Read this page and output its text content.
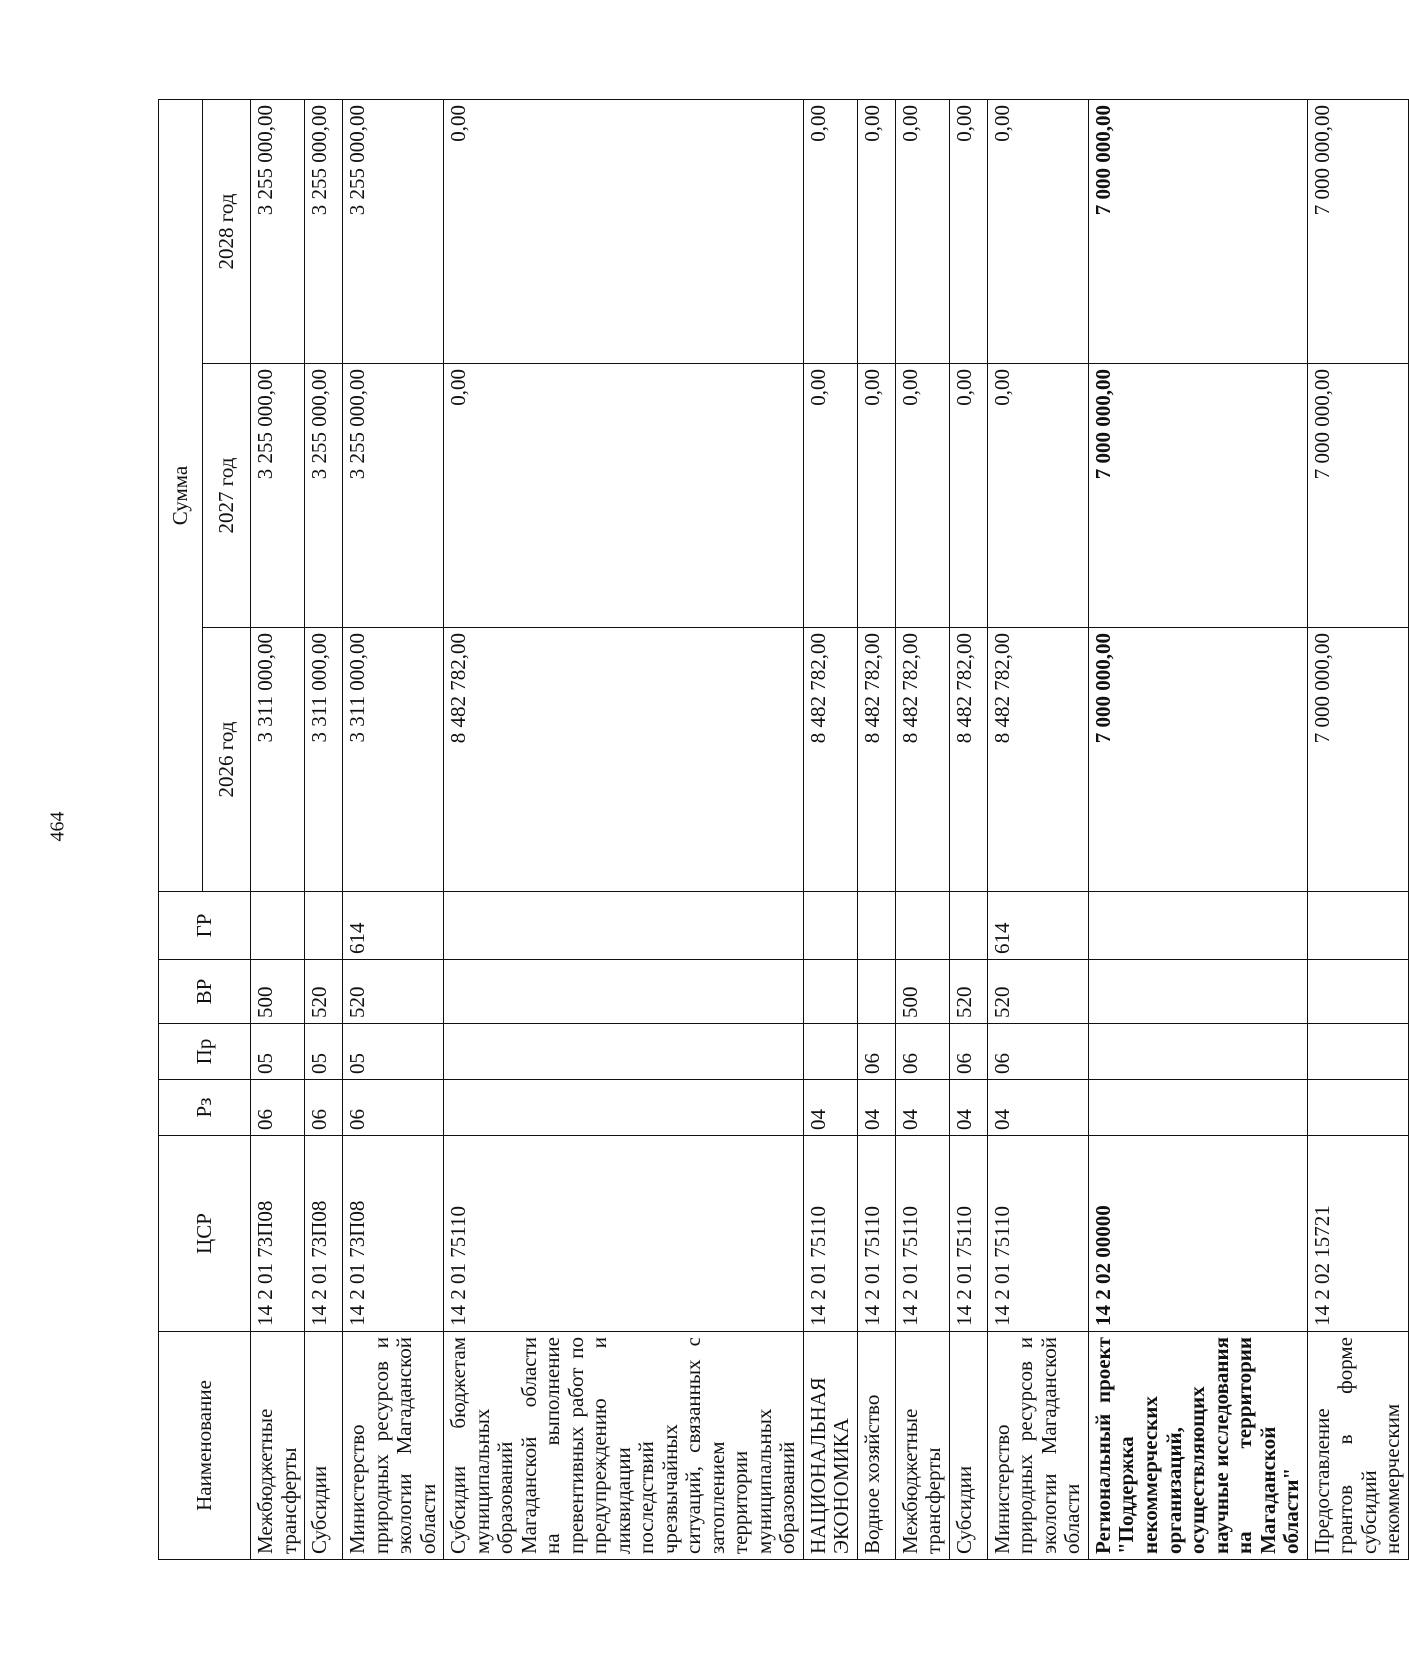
464
Наименование	ЦСР	Рз	Пр	ВР	ГР	Сумма		
						2026 год	2027 год	2028 год
Межбюджетные трансферты	14 2 01 73П08	06	05	500		3 311 000,00	3 255 000,00	3 255 000,00
Субсидии	14 2 01 73П08	06	05	520		3 311 000,00	3 255 000,00	3 255 000,00
Министерство природных ресурсов и экологии Магаданской области	14 2 01 73П08	06	05	520	614	3 311 000,00	3 255 000,00	3 255 000,00
Субсидии бюджетам муниципальных образований Магаданской области на выполнение превентивных работ по предупреждению и ликвидации последствий чрезвычайных ситуаций, связанных с затоплением территории муниципальных образований	14 2 01 75110					8 482 782,00	0,00	0,00
НАЦИОНАЛЬНАЯ ЭКОНОМИКА	14 2 01 75110	04				8 482 782,00	0,00	0,00
Водное хозяйство	14 2 01 75110	04	06			8 482 782,00	0,00	0,00
Межбюджетные трансферты	14 2 01 75110	04	06	500		8 482 782,00	0,00	0,00
Субсидии	14 2 01 75110	04	06	520		8 482 782,00	0,00	0,00
Министерство природных ресурсов и экологии Магаданской области	14 2 01 75110	04	06	520	614	8 482 782,00	0,00	0,00
Региональный проект "Поддержка некоммерческих организаций, осуществляющих научные исследования на территории Магаданской области"	14 2 02 00000					7 000 000,00	7 000 000,00	7 000 000,00
Предоставление грантов в форме субсидий некоммерческим	14 2 02 15721					7 000 000,00	7 000 000,00	7 000 000,00
